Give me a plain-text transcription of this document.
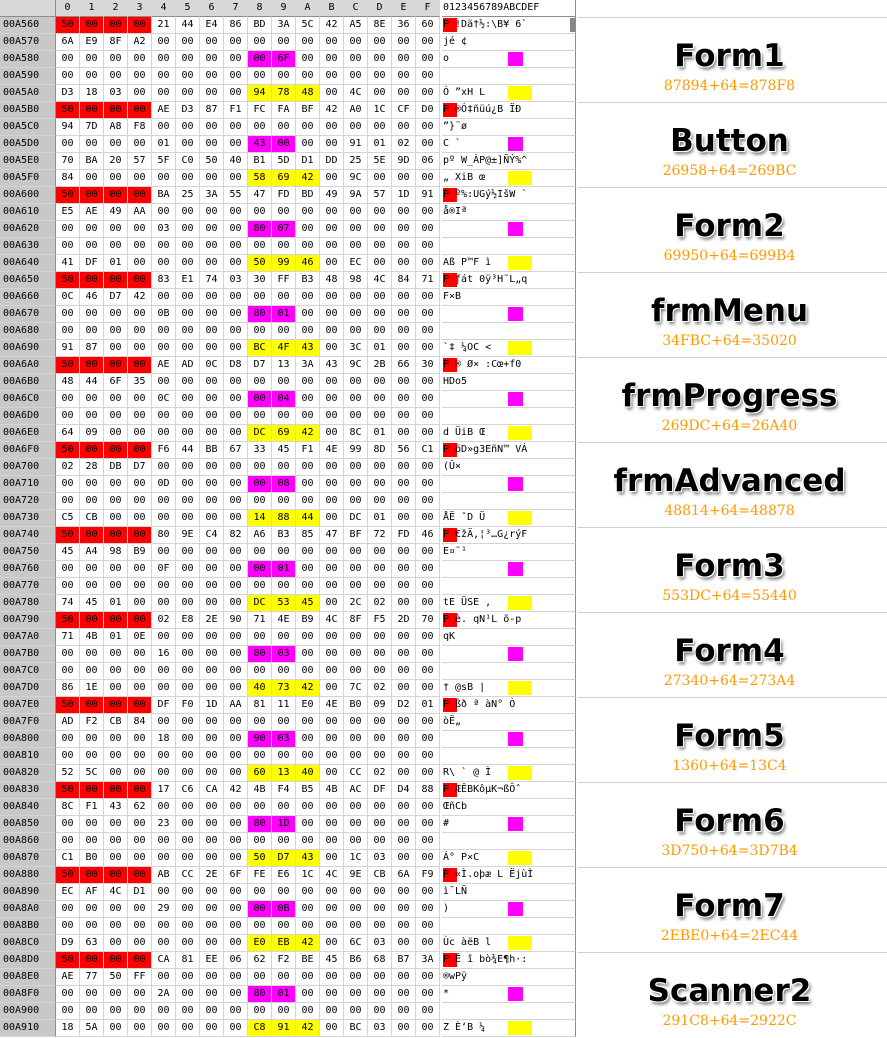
0	1	2	3	4	5	6	7	8	9	A	B	C	D	E	F	0123456789ABCDEF
00A560	50	00	00	00	21	44	E4	86	BD	3A	5C	42	A5	8E	36	60 P !Dä†½:\B¥ 6`
00A570	6A	E9	8F	A2	00	00	00	00	00	00	00	00	00	00	00	00 jé ¢
00A580	00	00	00	00	00	00	00	00	00	6F	00	00	00	00	00	00 o
00A590	00	00	00	00	00	00	00	00	00	00	00	00	00	00	00	00
00A5A0	D3	18	03	00	00	00	00	00	94	78	48	00	4C	00	00	00 Ó ”xH L
00A5B0	50	00	00	00	AE	D3	87	F1	FC	FA	BF	42	A0	1C	CF	D0 P ®Ó‡ñüú¿B ÏÐ
00A5C0	94	7D	A8	F8	00	00	00	00	00	00	00	00	00	00	00	00 ”}¨ø
00A5D0	00	00	00	00	01	00	00	00	43	00	00	00	91	01	02	00 C `
00A5E0	70	BA	20	57	5F	C0	50	40	B1	5D	D1	DD	25	5E	9D	06 pº W_ÀP@±]ÑÝ%^
00A5F0	84	00	00	00	00	00	00	00	58	69	42	00	9C	00	00	00 „ XiB œ
00A600	50	00	00	00	BA	25	3A	55	47	FD	BD	49	9A	57	1D	91 P º%:UGý½IšW `
00A610	E5	AE	49	AA	00	00	00	00	00	00	00	00	00	00	00	00 å®Iª
00A620	00	00	00	00	03	00	00	00	80	07	00	00	00	00	00	00
00A630	00	00	00	00	00	00	00	00	00	00	00	00	00	00	00	00
00A640	41	DF	01	00	00	00	00	00	50	99	46	00	EC	00	00	00 Aß P™F ì
00A650	50	00	00	00	83	E1	74	03	30	FF	B3	48	98	4C	84	71 P ƒát 0ÿ³H˜L„q
00A660	0C	46	D7	42	00	00	00	00	00	00	00	00	00	00	00	00 F×B
00A670	00	00	00	00	0B	00	00	00	80	01	00	00	00	00	00	00
00A680	00	00	00	00	00	00	00	00	00	00	00	00	00	00	00	00
00A690	91	87	00	00	00	00	00	00	BC	4F	43	00	3C	01	00	00 `‡ ¼OC <
00A6A0	50	00	00	00	AE	AD	0C	D8	D7	13	3A	43	9C	2B	66	30 P ® Ø× :Cœ+f0
00A6B0	48	44	6F	35	00	00	00	00	00	00	00	00	00	00	00	00 HDo5
00A6C0	00	00	00	00	0C	00	00	00	00	04	00	00	00	00	00	00
00A6D0	00	00	00	00	00	00	00	00	00	00	00	00	00	00	00	00
00A6E0	64	09	00	00	00	00	00	00	DC	69	42	00	8C	01	00	00 d ÜiB Œ
00A6F0	50	00	00	00	F6	44	BB	67	33	45	F1	4E	99	8D	56	C1 P öD»g3EñN™ VÁ
00A700	02	28	DB	D7	00	00	00	00	00	00	00	00	00	00	00	00 (Û×
00A710	00	00	00	00	0D	00	00	00	00	08	00	00	00	00	00	00
00A720	00	00	00	00	00	00	00	00	00	00	00	00	00	00	00	00
00A730	C5	CB	00	00	00	00	00	00	14	88	44	00	DC	01	00	00 ÅË ˆD Ü
00A740	50	00	00	00	80	9E	C4	82	A6	B3	85	47	BF	72	FD	46 P €žÄ‚¦³…G¿rýF
00A750	45	A4	98	B9	00	00	00	00	00	00	00	00	00	00	00	00 E¤˜¹
00A760	00	00	00	00	0F	00	00	00	00	01	00	00	00	00	00	00
00A770	00	00	00	00	00	00	00	00	00	00	00	00	00	00	00	00
00A780	74	45	01	00	00	00	00	00	DC	53	45	00	2C	02	00	00 tE ÜSE ,
00A790	50	00	00	00	02	E8	2E	90	71	4E	B9	4C	8F	F5	2D	70 P è. qN¹L õ-p
00A7A0	71	4B	01	0E	00	00	00	00	00	00	00	00	00	00	00	00 qK
00A7B0	00	00	00	00	16	00	00	00	80	03	00	00	00	00	00	00
00A7C0	00	00	00	00	00	00	00	00	00	00	00	00	00	00	00	00
00A7D0	86	1E	00	00	00	00	00	00	40	73	42	00	7C	02	00	00 † @sB |
00A7E0	50	00	00	00	DF	F0	1D	AA	81	11	E0	4E	B0	09	D2	01 P ßð ª àN° Ò
00A7F0	AD	F2	CB	84	00	00	00	00	00	00	00	00	00	00	00	00 òË„
00A800	00	00	00	00	18	00	00	00	90	03	00	00	00	00	00	00
00A810	00	00	00	00	00	00	00	00	00	00	00	00	00	00	00	00
00A820	52	5C	00	00	00	00	00	00	60	13	40	00	CC	02	00	00 R\ ` @ Ì
00A830	50	00	00	00	17	C6	CA	42	4B	F4	B5	4B	AC	DF	D4	88 P ÆÊBKôµK¬ßÔˆ
00A840	8C	F1	43	62	00	00	00	00	00	00	00	00	00	00	00	00 ŒñCb
00A850	00	00	00	00	23	00	00	00	80	1D	00	00	00	00	00	00 #
00A860	00	00	00	00	00	00	00	00	00	00	00	00	00	00	00	00
00A870	C1	B0	00	00	00	00	00	00	50	D7	43	00	1C	03	00	00 Á° P×C
00A880	50	00	00	00	AB	CC	2E	6F	FE	E6	1C	4C	9E	CB	6A	F9 P «Ì.oþæ L ËjùÌ
00A890	EC	AF	4C	D1	00	00	00	00	00	00	00	00	00	00	00	00 ì¯LÑ
00A8A0	00	00	00	00	29	00	00	00	00	0B	00	00	00	00	00	00 )
00A8B0	00	00	00	00	00	00	00	00	00	00	00	00	00	00	00	00
00A8C0	D9	63	00	00	00	00	00	00	E0	EB	42	00	6C	03	00	00 Ùc àëB l
00A8D0	50	00	00	00	CA	81	EE	06	62	F2	BE	45	B6	68	B7	3A P Ê î bò¾E¶h·:
00A8E0	AE	77	50	FF	00	00	00	00	00	00	00	00	00	00	00	00 ®wPÿ
00A8F0	00	00	00	00	2A	00	00	00	80	01	00	00	00	00	00	00 *
00A900	00	00	00	00	00	00	00	00	00	00	00	00	00	00	00	00
00A910	18	5A	00	00	00	00	00	00	C8	91	42	00	BC	03	00	00 Z È‘B ¼
Form1
87894+64=878F8
Button
26958+64=269BC
Form2
69950+64=699B4
frmMenu
34FBC+64=35020
frmProgress
269DC+64=26A40
frmAdvanced
48814+64=48878
Form3
553DC+64=55440
Form4
27340+64=273A4
Form5
1360+64=13C4
Form6
3D750+64=3D7B4
Form7
2EBE0+64=2EC44
Scanner2
291C8+64=2922C
